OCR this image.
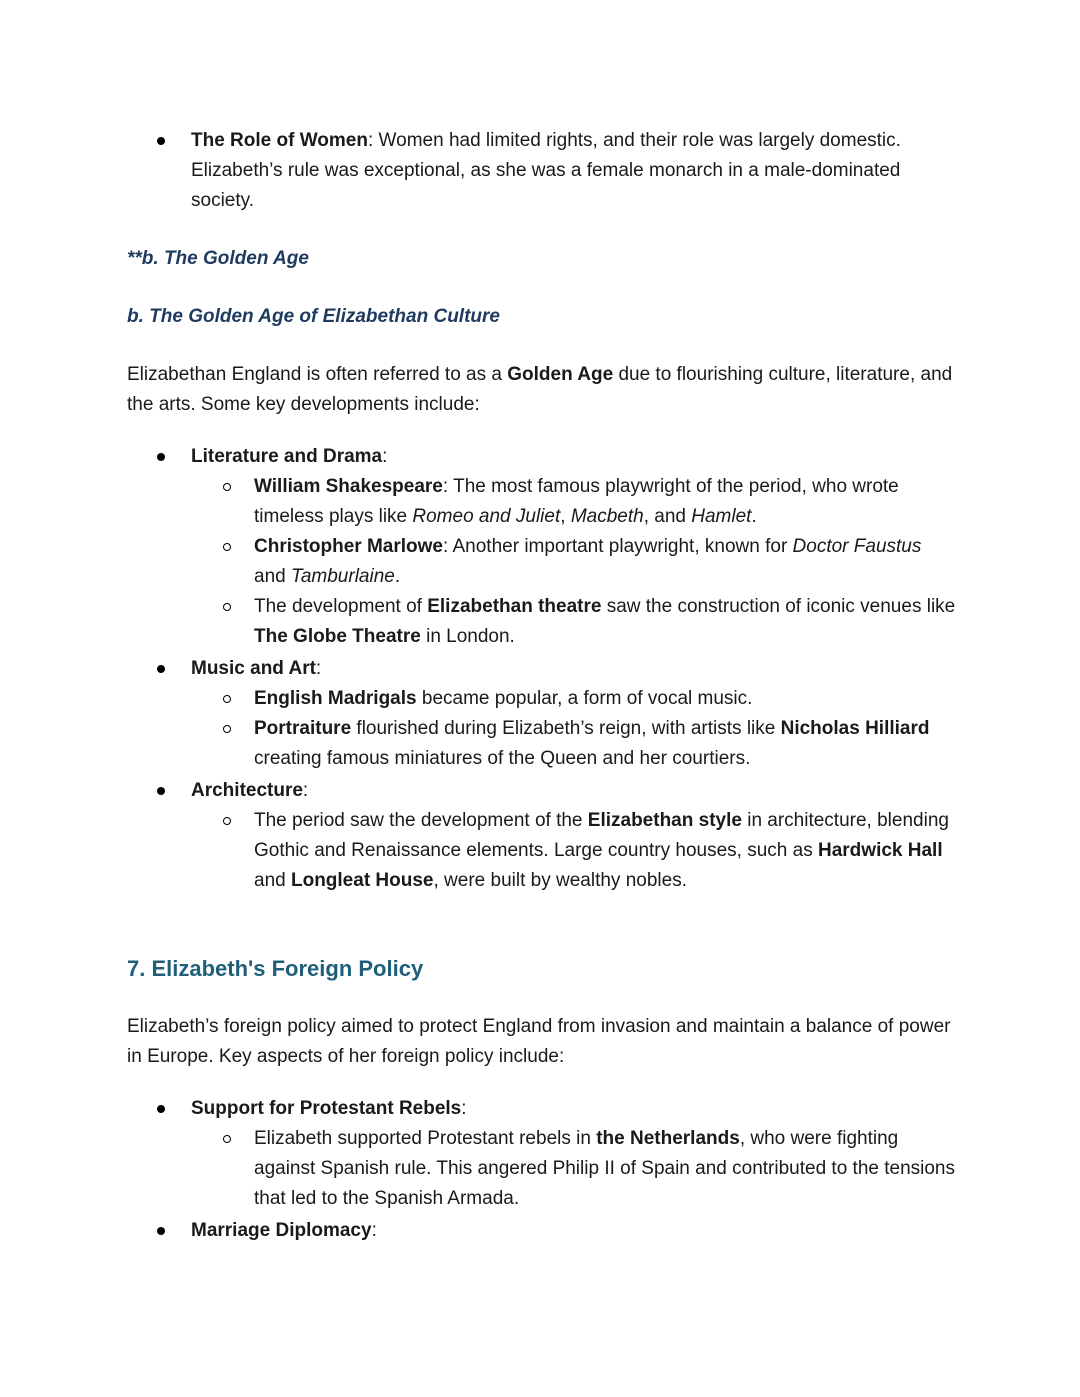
The Role of Women: Women had limited rights, and their role was largely domestic. Elizabeth’s rule was exceptional, as she was a female monarch in a male-dominated society.

**b. The Golden Age

b. The Golden Age of Elizabethan Culture

Elizabethan England is often referred to as a Golden Age due to flourishing culture, literature, and the arts. Some key developments include:

Literature and Drama:

William Shakespeare: The most famous playwright of the period, who wrote timeless plays like Romeo and Juliet, Macbeth, and Hamlet.

Christopher Marlowe: Another important playwright, known for Doctor Faustus and Tamburlaine.

The development of Elizabethan theatre saw the construction of iconic venues like The Globe Theatre in London.

Music and Art:

English Madrigals became popular, a form of vocal music.

Portraiture flourished during Elizabeth’s reign, with artists like Nicholas Hilliard creating famous miniatures of the Queen and her courtiers.

Architecture:

The period saw the development of the Elizabethan style in architecture, blending Gothic and Renaissance elements. Large country houses, such as Hardwick Hall and Longleat House, were built by wealthy nobles.

7. Elizabeth's Foreign Policy

Elizabeth’s foreign policy aimed to protect England from invasion and maintain a balance of power in Europe. Key aspects of her foreign policy include:

Support for Protestant Rebels:

Elizabeth supported Protestant rebels in the Netherlands, who were fighting against Spanish rule. This angered Philip II of Spain and contributed to the tensions that led to the Spanish Armada.

Marriage Diplomacy:
